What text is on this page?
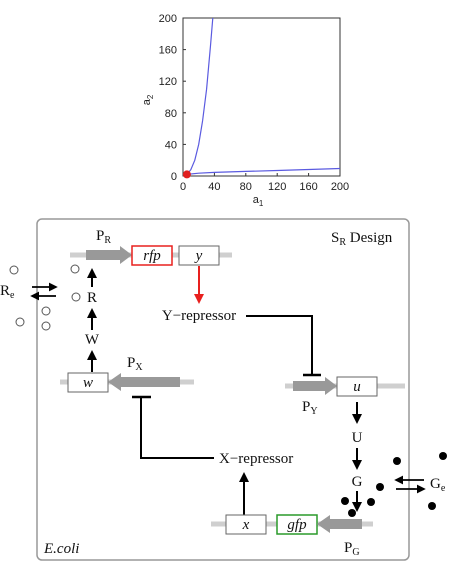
0 40 80 120 160 200
0
40
80
120
160
200
$a_1$
$a_2$
$S_R$ Design
E.coli
$P_R$
rfp y
Y−repressor
R
W
$R_e$
w
$P_X$
X−repressor
$P_Y$
u
U
G	$G_e$
x	gfp
$P_G$
